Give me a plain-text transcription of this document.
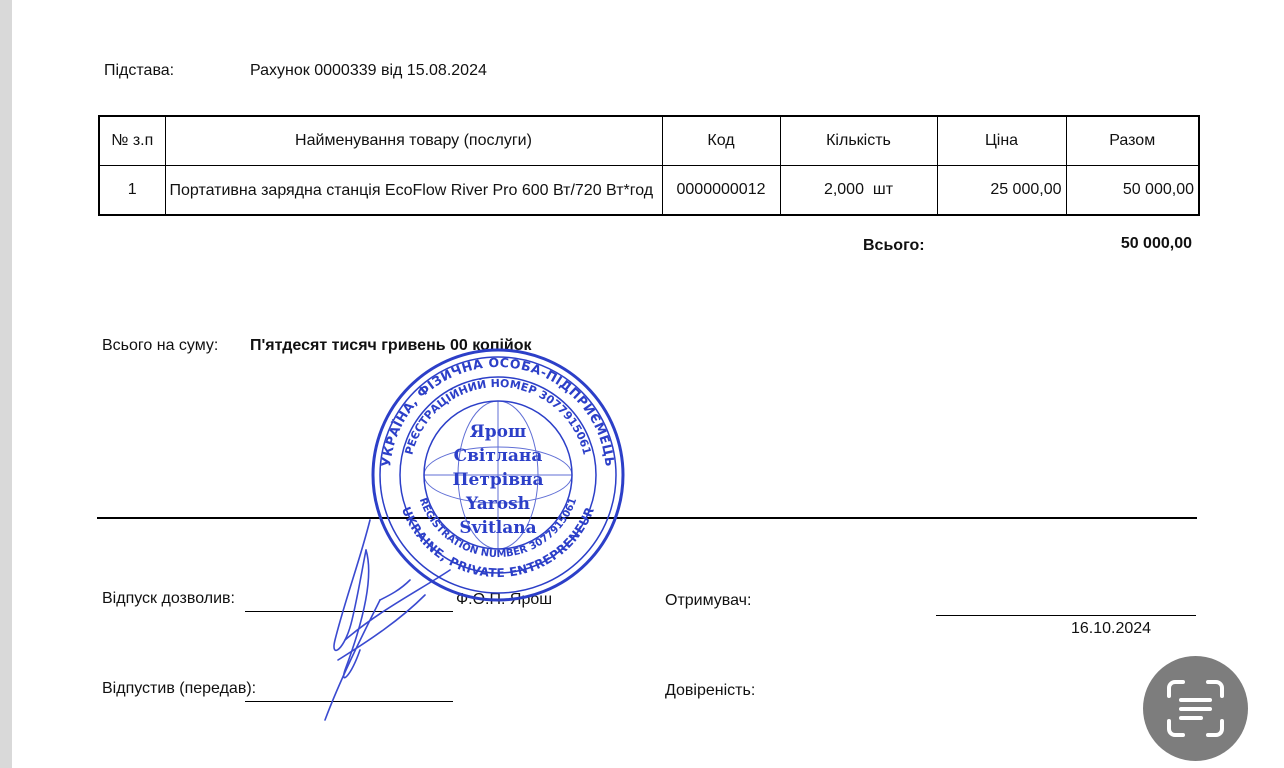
Підстава:	Рахунок 0000339 від 15.08.2024
№ з.п	Найменування товару (послуги)	Код	Кількість	Ціна	Разом
1	Портативна зарядна станція EcoFlow River Pro 600 Вт/720 Вт*год	0000000012	2,000 шт	25 000,00	50 000,00
Всього:	50 000,00
Всього на суму: П'ятдесят тисяч гривень 00 копійок
Відпуск дозволив:	Ф.О.П. Ярош	Отримувач:
16.10.2024
Відпустив (передав):	Довіреність:
УКРАЇНА, ФІЗИЧНА ОСОБА-ПІДПРИЄМЕЦЬ
РЕЄСТРАЦІЙНИЙ НОМЕР 3077915061
REGISTRATION NUMBER 3077915061
UKRAINE, PRIVATE ENTREPRENEUR
Ярош
Світлана
Петрівна
Yarosh
Svitlana
